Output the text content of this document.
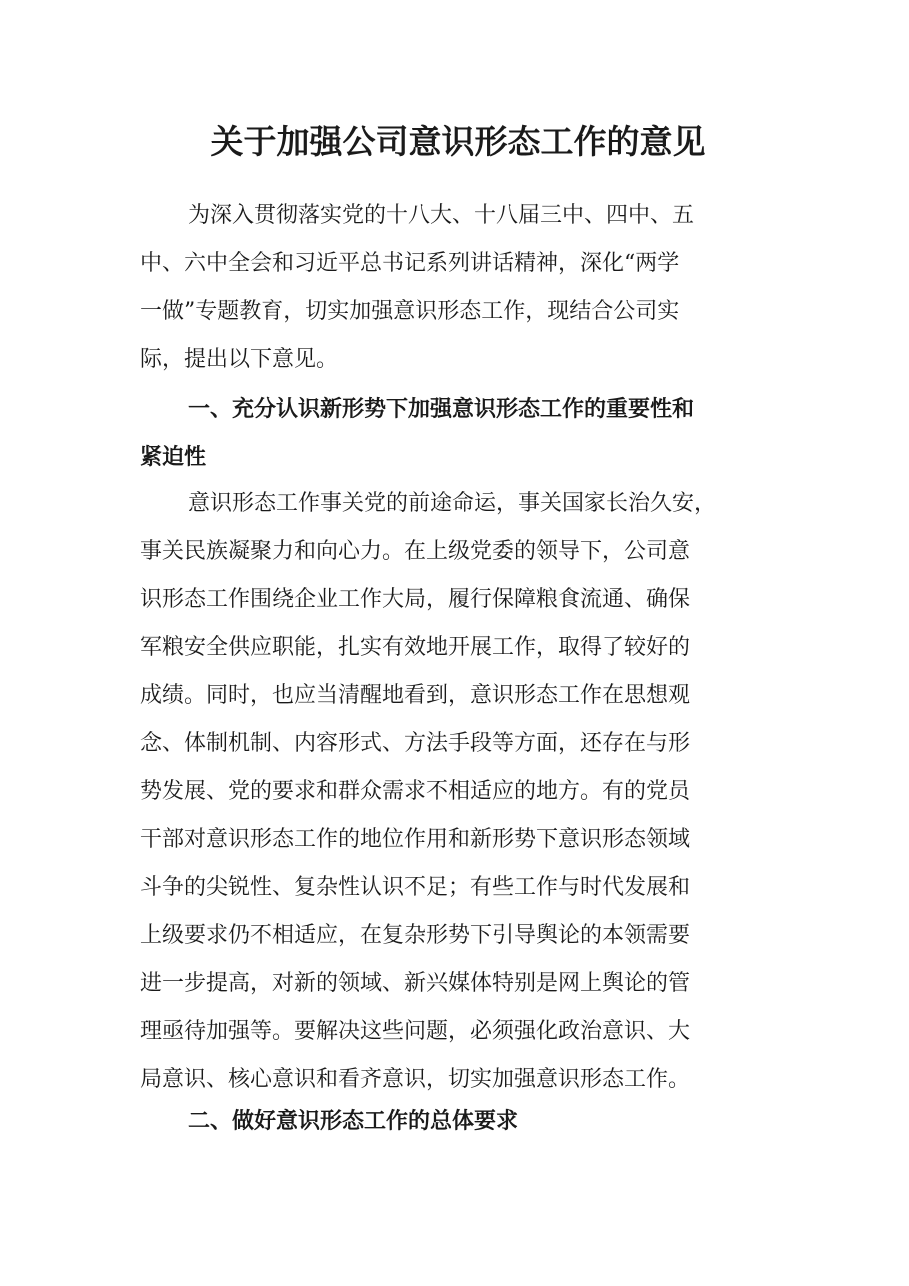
关于加强公司意识形态工作的意见
为深入贯彻落实党的十八大、十八届三中、四中、五
中、六中全会和习近平总书记系列讲话精神，深化“两学
一做”专题教育，切实加强意识形态工作，现结合公司实
际，提出以下意见。
一、充分认识新形势下加强意识形态工作的重要性和
紧迫性
意识形态工作事关党的前途命运，事关国家长治久安，
事关民族凝聚力和向心力。在上级党委的领导下，公司意
识形态工作围绕企业工作大局，履行保障粮食流通、确保
军粮安全供应职能，扎实有效地开展工作，取得了较好的
成绩。同时，也应当清醒地看到，意识形态工作在思想观
念、体制机制、内容形式、方法手段等方面，还存在与形
势发展、党的要求和群众需求不相适应的地方。有的党员
干部对意识形态工作的地位作用和新形势下意识形态领域
斗争的尖锐性、复杂性认识不足；有些工作与时代发展和
上级要求仍不相适应，在复杂形势下引导舆论的本领需要
进一步提高，对新的领域、新兴媒体特别是网上舆论的管
理亟待加强等。要解决这些问题，必须强化政治意识、大
局意识、核心意识和看齐意识，切实加强意识形态工作。
二、做好意识形态工作的总体要求
